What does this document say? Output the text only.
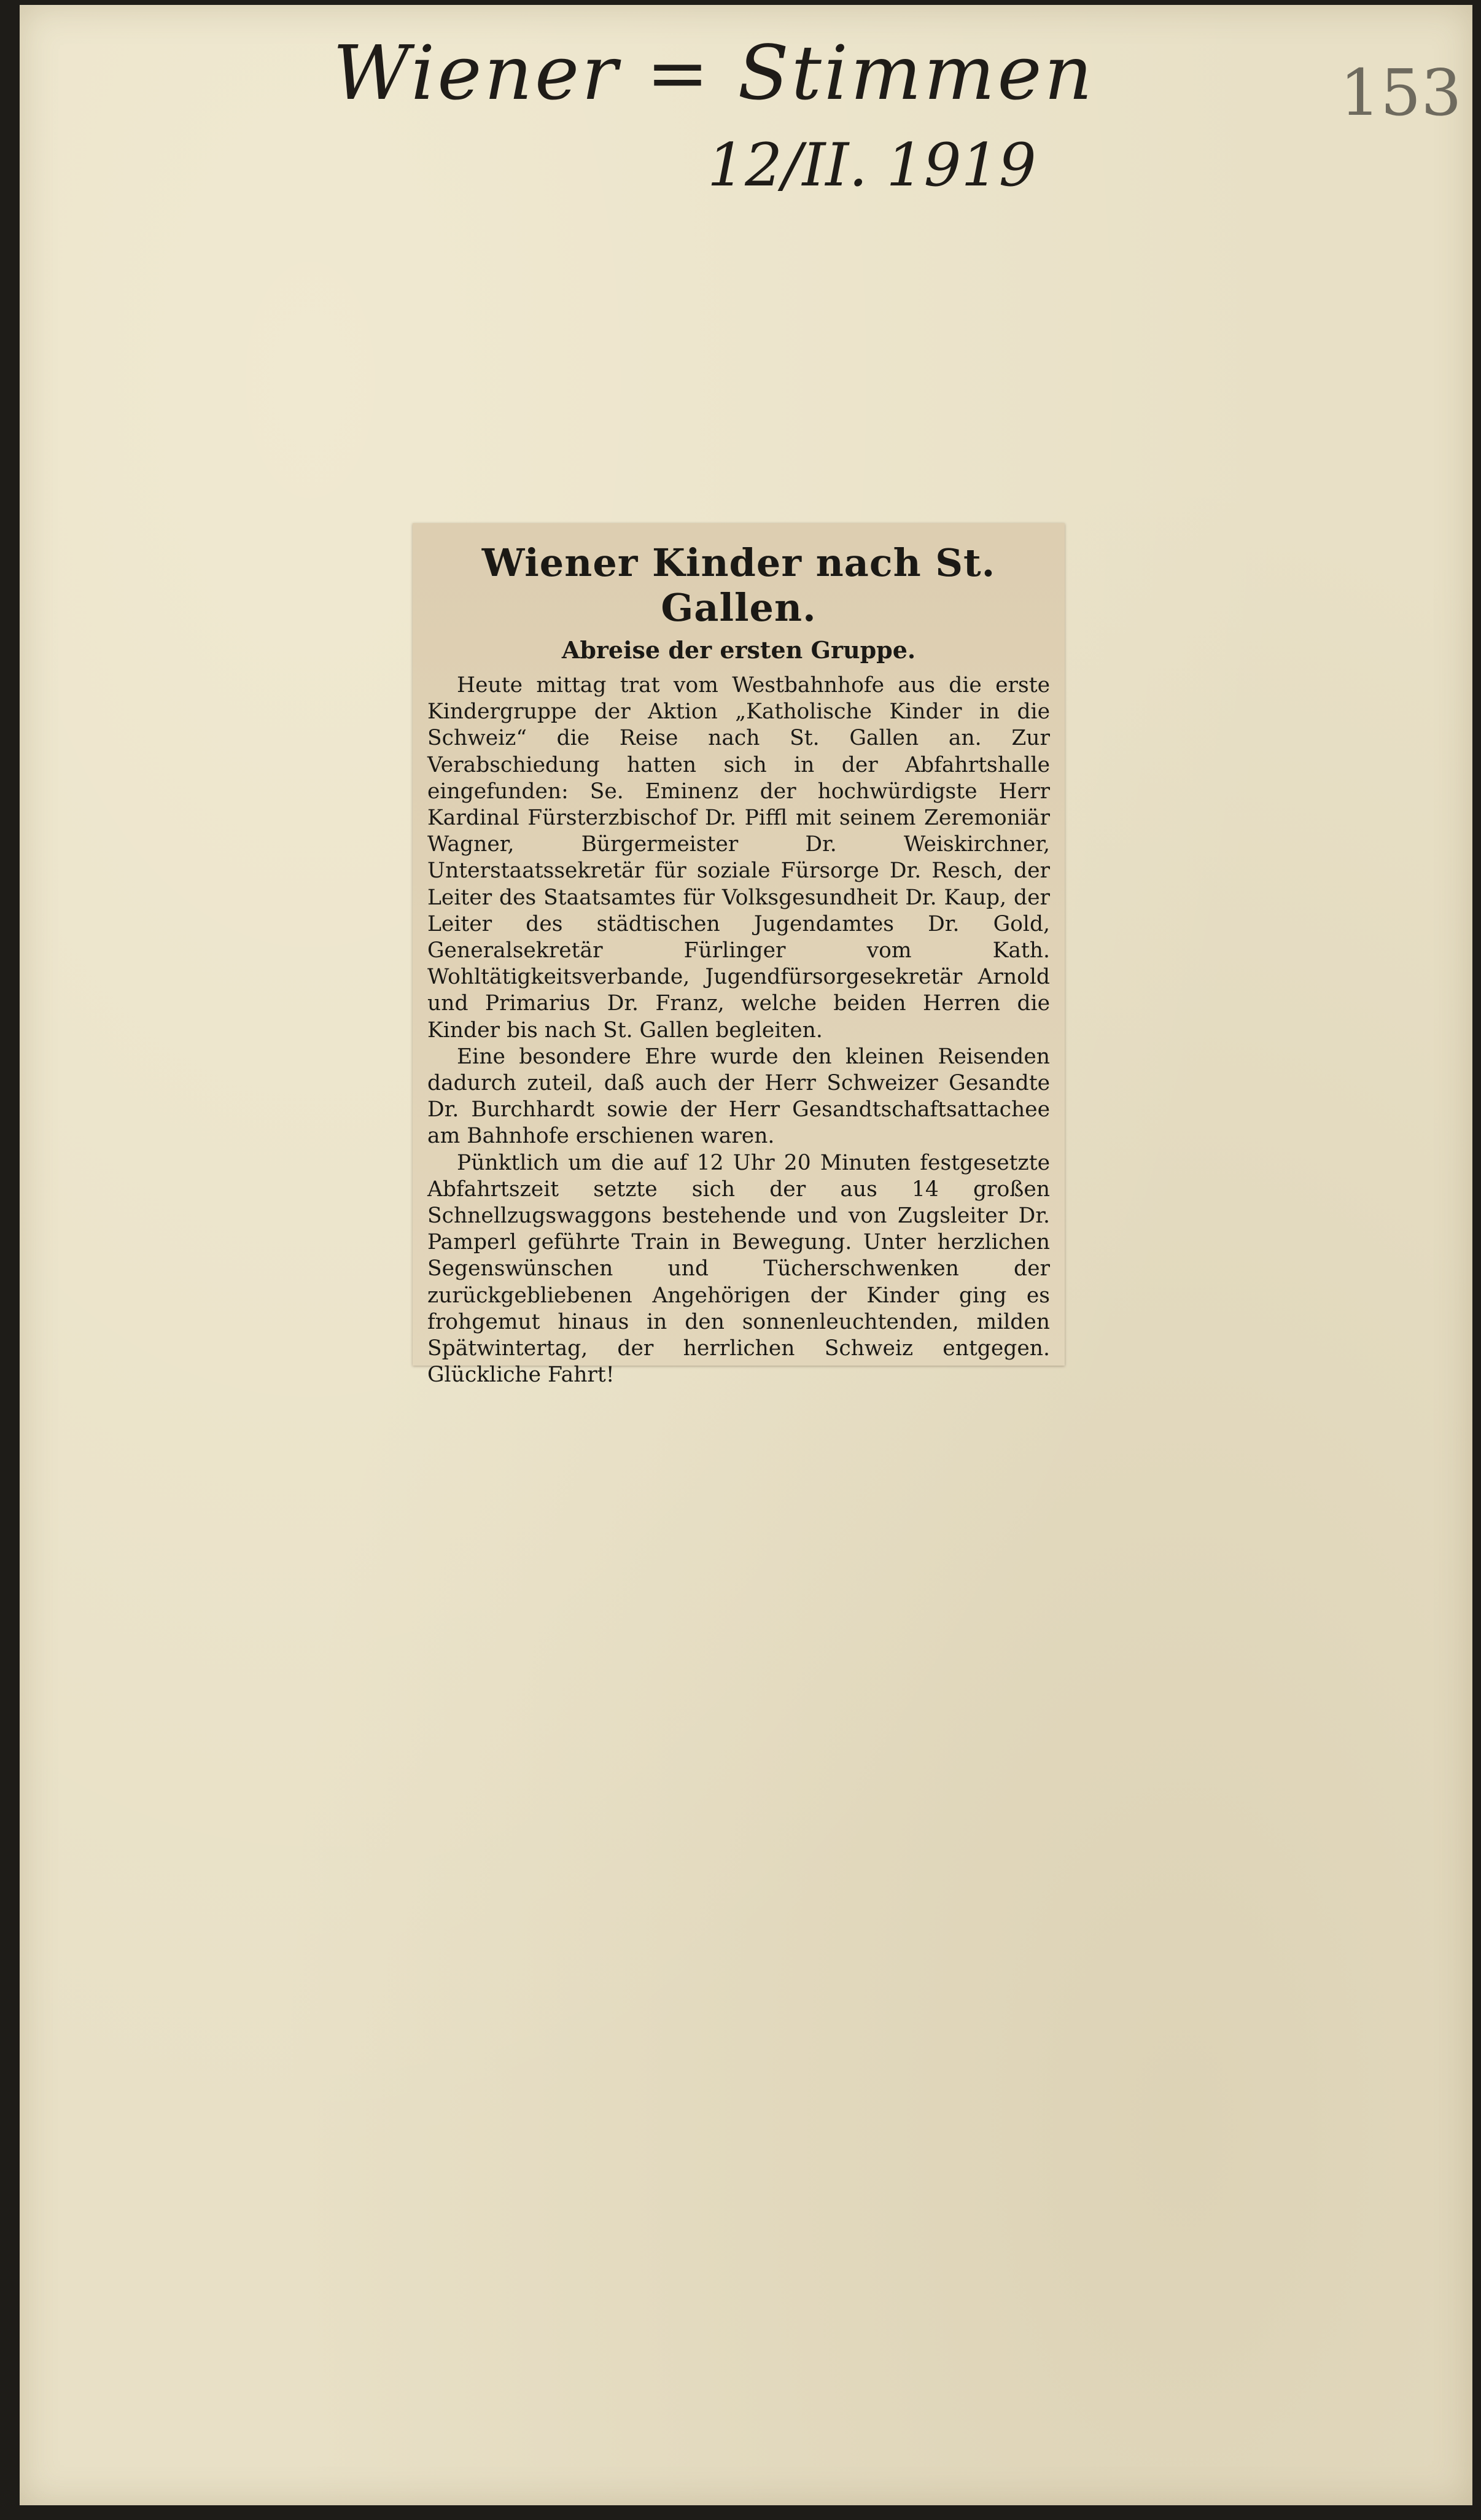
Wiener = Stimmen
12/II. 1919
153
Wiener Kinder nach St. Gallen.
Abreise der ersten Gruppe.

Heute mittag trat vom Westbahnhofe aus die erste Kindergruppe der Aktion „Katholische Kinder in die Schweiz“ die Reise nach St. Gallen an. Zur Verabschiedung hatten sich in der Abfahrtshalle eingefunden: Se. Eminenz der hochwürdigste Herr Kardinal Fürsterzbischof Dr. Piffl mit seinem Zeremoniär Wagner, Bürgermeister Dr. Weiskirchner, Unterstaatssekretär für soziale Fürsorge Dr. Resch, der Leiter des Staatsamtes für Volksgesundheit Dr. Kaup, der Leiter des städtischen Jugendamtes Dr. Gold, Generalsekretär Fürlinger vom Kath. Wohltätigkeitsverbande, Jugendfürsorgesekretär Arnold und Primarius Dr. Franz, welche beiden Herren die Kinder bis nach St. Gallen begleiten.

Eine besondere Ehre wurde den kleinen Reisenden dadurch zuteil, daß auch der Herr Schweizer Gesandte Dr. Burchhardt sowie der Herr Gesandtschaftsattachee am Bahnhofe erschienen waren.

Pünktlich um die auf 12 Uhr 20 Minuten festgesetzte Abfahrtszeit setzte sich der aus 14 großen Schnellzugswaggons bestehende und von Zugsleiter Dr. Pamperl geführte Train in Bewegung. Unter herzlichen Segenswünschen und Tücherschwenken der zurückgebliebenen Angehörigen der Kinder ging es frohgemut hinaus in den sonnenleuchtenden, milden Spätwintertag, der herrlichen Schweiz entgegen. Glückliche Fahrt!
